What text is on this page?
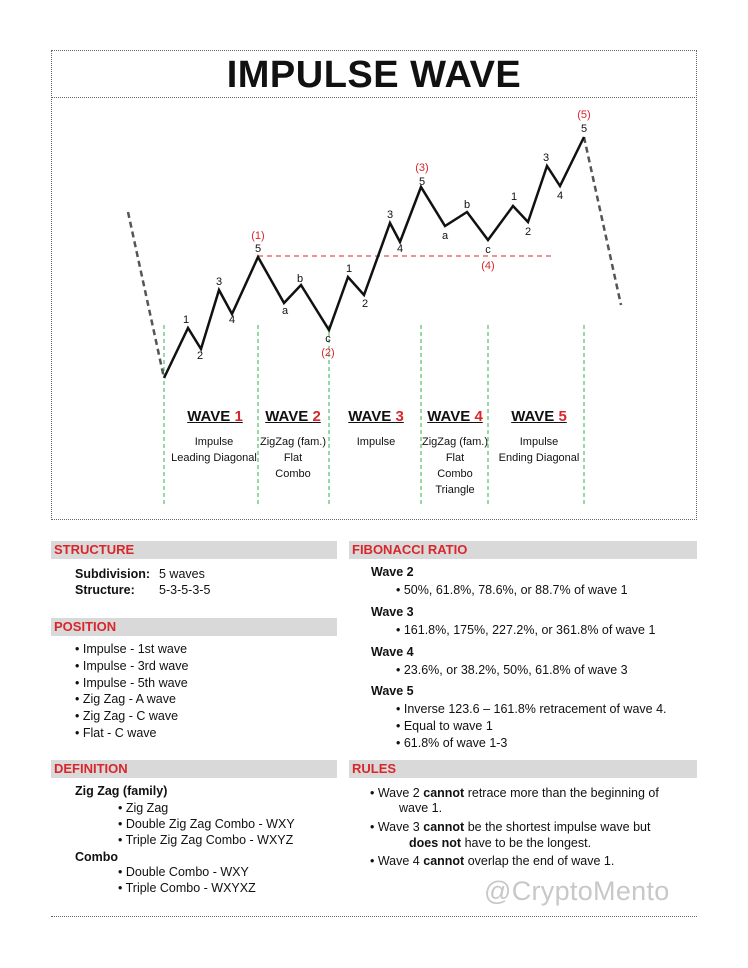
IMPULSE WAVE
1
2
3
4
5
a
b
c
1
2
3
4
5
a
b
c
1
2
3
4
5
(1)
(2)
(3)
(4)
(5)
WAVE 1
Impulse
Leading Diagonal
WAVE 2
ZigZag (fam.)
Flat
Combo
WAVE 3
Impulse
WAVE 4
ZigZag (fam.)
Flat
Combo
Triangle
WAVE 5
Impulse
Ending Diagonal
STRUCTURE
Subdivision: 5 waves
Structure: 5-3-5-3-5
POSITION
• Impulse - 1st wave
• Impulse - 3rd wave
• Impulse - 5th wave
• Zig Zag - A wave
• Zig Zag - C wave
• Flat - C wave
DEFINITION
Zig Zag (family)
• Zig Zag
• Double Zig Zag Combo - WXY
• Triple Zig Zag Combo - WXYZ
Combo
• Double Combo - WXY
• Triple Combo - WXYXZ
FIBONACCI RATIO
Wave 2
• 50%, 61.8%, 78.6%, or 88.7% of wave 1
Wave 3
• 161.8%, 175%, 227.2%, or 361.8% of wave 1
Wave 4
• 23.6%, or 38.2%, 50%, 61.8% of wave 3
Wave 5
• Inverse 123.6 – 161.8% retracement of wave 4.
• Equal to wave 1
• 61.8% of wave 1-3
RULES
• Wave 2 cannot retrace more than the beginning of
wave 1.
• Wave 3 cannot be the shortest impulse wave but
does not have to be the longest.
• Wave 4 cannot overlap the end of wave 1.
@CryptoMento
